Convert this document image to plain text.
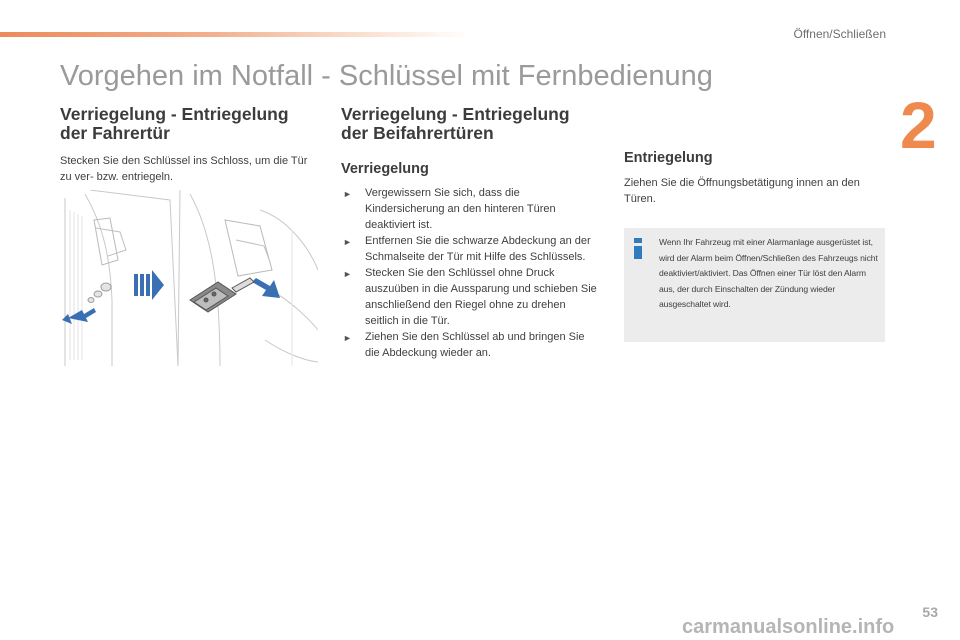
Öffnen/Schließen
2
Vorgehen im Notfall - Schlüssel mit Fernbedienung
Verriegelung - Entriegelung der Fahrertür

Stecken Sie den Schlüssel ins Schloss, um die Tür zu ver- bzw. entriegeln.

Verriegelung - Entriegelung der Beifahrertüren
Verriegelung
► Vergewissern Sie sich, dass die Kindersicherung an den hinteren Türen deaktiviert ist.
► Entfernen Sie die schwarze Abdeckung an der Schmalseite der Tür mit Hilfe des Schlüssels.
► Stecken Sie den Schlüssel ohne Druck auszuüben in die Aussparung und schieben Sie anschließend den Riegel ohne zu drehen seitlich in die Tür.
► Ziehen Sie den Schlüssel ab und bringen Sie die Abdeckung wieder an.
Entriegelung

Ziehen Sie die Öffnungsbetätigung innen an den Türen.

Wenn Ihr Fahrzeug mit einer Alarmanlage ausgerüstet ist, wird der Alarm beim Öffnen/Schließen des Fahrzeugs nicht deaktiviert/aktiviert. Das Öffnen einer Tür löst den Alarm aus, der durch Einschalten der Zündung wieder ausgeschaltet wird.
53
carmanualsonline.info
